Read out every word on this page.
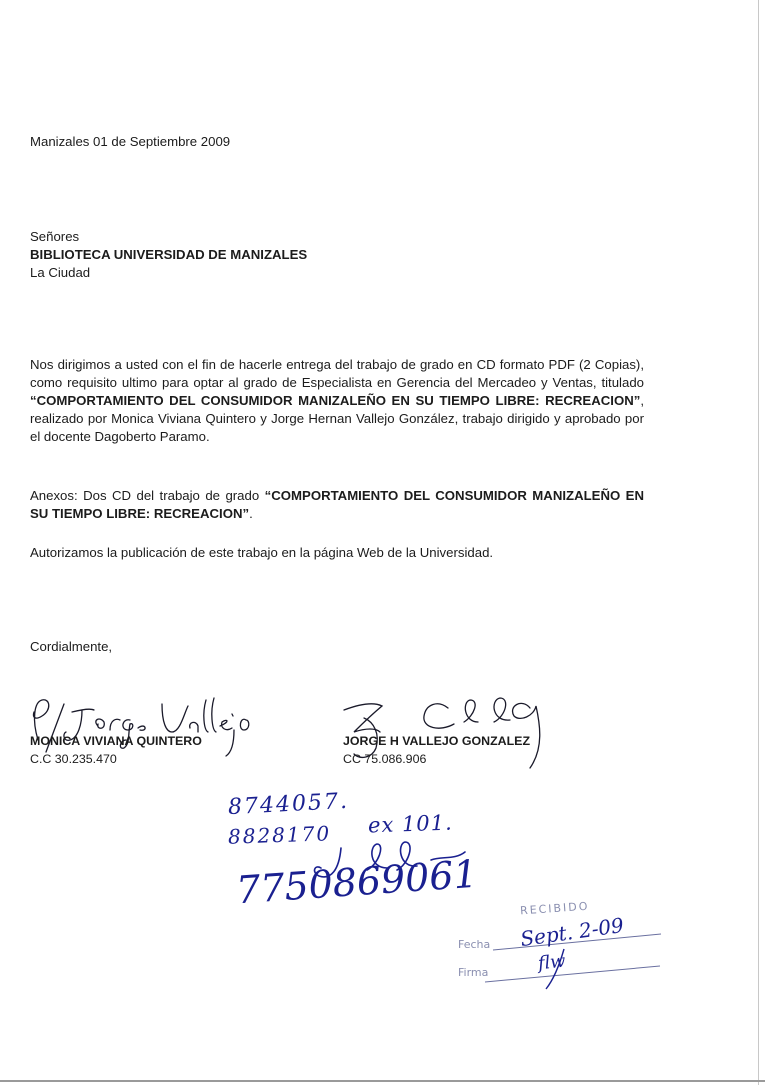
Manizales 01 de Septiembre 2009
Señores
BIBLIOTECA UNIVERSIDAD DE MANIZALES
La Ciudad
Nos dirigimos a usted con el fin de hacerle entrega del trabajo de grado en CD formato PDF (2 Copias), como requisito ultimo para optar al grado de Especialista en Gerencia del Mercadeo y Ventas, titulado “COMPORTAMIENTO DEL CONSUMIDOR MANIZALEÑO EN SU TIEMPO LIBRE: RECREACION”, realizado por Monica Viviana Quintero y Jorge Hernan Vallejo González, trabajo dirigido y aprobado por el docente Dagoberto Paramo.
Anexos: Dos CD del trabajo de grado “COMPORTAMIENTO DEL CONSUMIDOR MANIZALEÑO EN SU TIEMPO LIBRE: RECREACION”.
Autorizamos la publicación de este trabajo en la página Web de la Universidad.
Cordialmente,
MONICA VIVIANA QUINTERO
C.C 30.235.470
JORGE H VALLEJO GONZALEZ
CC 75.086.906
8744057.
8828170 ex 101.
7750869061	RECIBIDO
Fecha
Firma
Sept. 2-09
flw
